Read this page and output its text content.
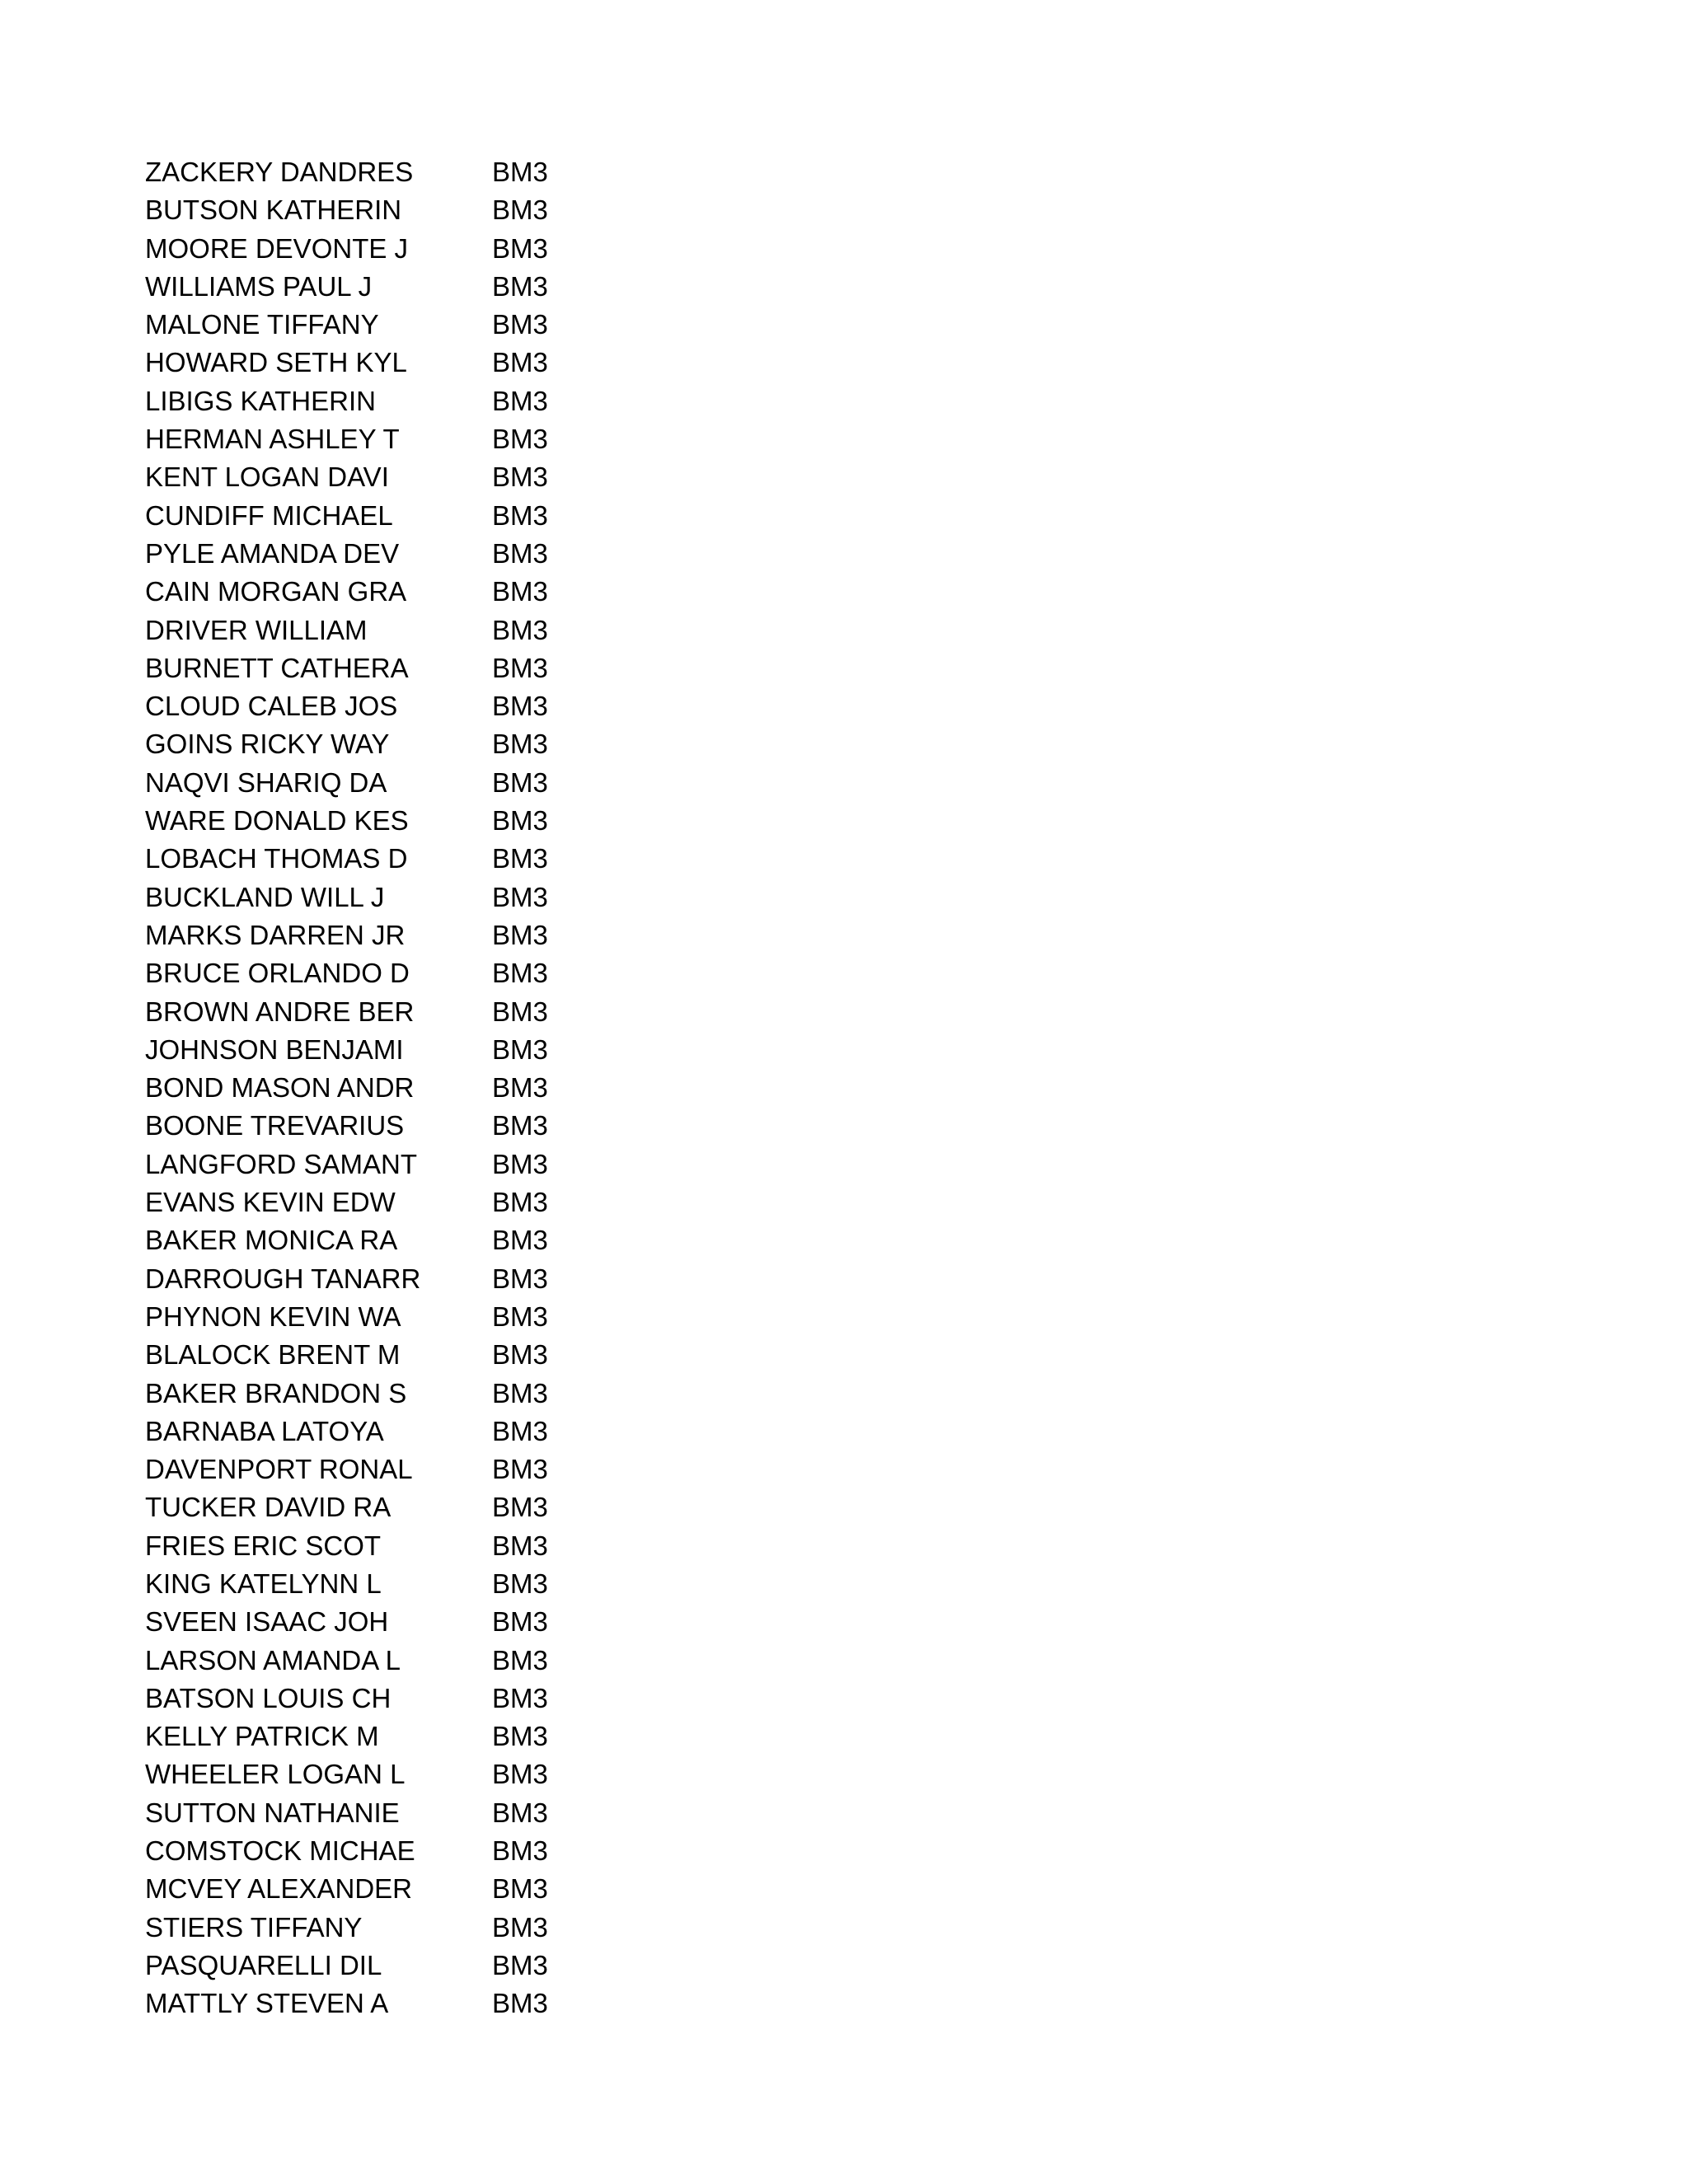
ZACKERY DANDRES	BM3
BUTSON KATHERIN	BM3
MOORE DEVONTE J	BM3
WILLIAMS PAUL J	BM3
MALONE TIFFANY	BM3
HOWARD SETH KYL	BM3
LIBIGS KATHERIN	BM3
HERMAN ASHLEY T	BM3
KENT LOGAN DAVI	BM3
CUNDIFF MICHAEL	BM3
PYLE AMANDA DEV	BM3
CAIN MORGAN GRA	BM3
DRIVER WILLIAM	BM3
BURNETT CATHERA	BM3
CLOUD CALEB JOS	BM3
GOINS RICKY WAY	BM3
NAQVI SHARIQ DA	BM3
WARE DONALD KES	BM3
LOBACH THOMAS D	BM3
BUCKLAND WILL J	BM3
MARKS DARREN JR	BM3
BRUCE ORLANDO D	BM3
BROWN ANDRE BER	BM3
JOHNSON BENJAMI	BM3
BOND MASON ANDR	BM3
BOONE TREVARIUS	BM3
LANGFORD SAMANT	BM3
EVANS KEVIN EDW	BM3
BAKER MONICA RA	BM3
DARROUGH TANARR	BM3
PHYNON KEVIN WA	BM3
BLALOCK BRENT M	BM3
BAKER BRANDON S	BM3
BARNABA LATOYA	BM3
DAVENPORT RONAL	BM3
TUCKER DAVID RA	BM3
FRIES ERIC SCOT	BM3
KING KATELYNN L	BM3
SVEEN ISAAC JOH	BM3
LARSON AMANDA L	BM3
BATSON LOUIS CH	BM3
KELLY PATRICK M	BM3
WHEELER LOGAN L	BM3
SUTTON NATHANIE	BM3
COMSTOCK MICHAE	BM3
MCVEY ALEXANDER	BM3
STIERS TIFFANY	BM3
PASQUARELLI DIL	BM3
MATTLY STEVEN A	BM3
